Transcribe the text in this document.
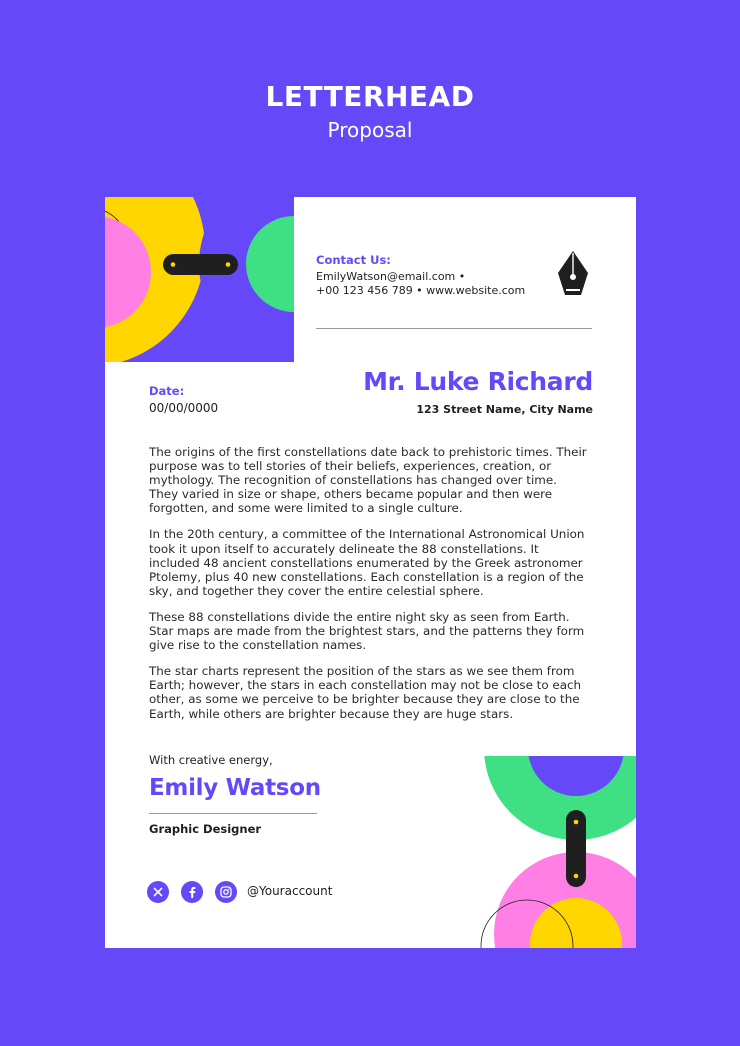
LETTERHEAD
Proposal
Contact Us:
EmilyWatson@email.com •
+00 123 456 789 • www.website.com
Date:
00/00/0000
Mr. Luke Richard
123 Street Name, City Name

The origins of the first constellations date back to prehistoric times. Their purpose was to tell stories of their beliefs, experiences, creation, or mythology. The recognition of constellations has changed over time. They varied in size or shape, others became popular and then were forgotten, and some were limited to a single culture.

In the 20th century, a committee of the International Astronomical Union took it upon itself to accurately delineate the 88 constellations. It included 48 ancient constellations enumerated by the Greek astronomer Ptolemy, plus 40 new constellations. Each constellation is a region of the sky, and together they cover the entire celestial sphere.

These 88 constellations divide the entire night sky as seen from Earth. Star maps are made from the brightest stars, and the patterns they form give rise to the constellation names.

The star charts represent the position of the stars as we see them from Earth; however, the stars in each constellation may not be close to each other, as some we perceive to be brighter because they are close to the Earth, while others are brighter because they are huge stars.

With creative energy,
Emily Watson
Graphic Designer
@Youraccount
